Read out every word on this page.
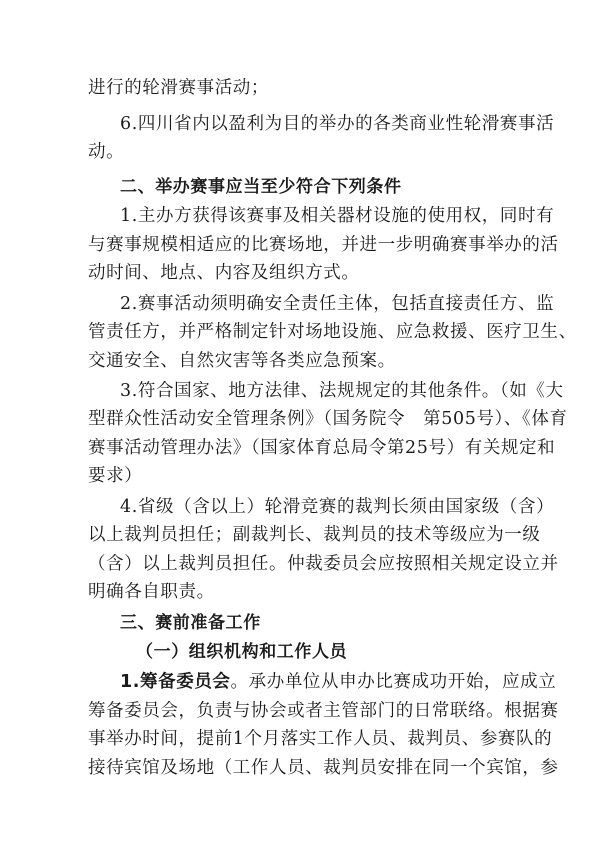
进行的轮滑赛事活动；
6.四川省内以盈利为目的举办的各类商业性轮滑赛事活
动。
二、举办赛事应当至少符合下列条件
1.主办方获得该赛事及相关器材设施的使用权，同时有
与赛事规模相适应的比赛场地，并进一步明确赛事举办的活
动时间、地点、内容及组织方式。
2.赛事活动须明确安全责任主体，包括直接责任方、监
管责任方，并严格制定针对场地设施、应急救援、医疗卫生、
交通安全、自然灾害等各类应急预案。
3.符合国家、地方法律、法规规定的其他条件。（如《大
型群众性活动安全管理条例》（国务院令　第505号）、《体育
赛事活动管理办法》（国家体育总局令第25号）有关规定和
要求）
4.省级（含以上）轮滑竞赛的裁判长须由国家级（含）
以上裁判员担任；副裁判长、裁判员的技术等级应为一级
（含）以上裁判员担任。仲裁委员会应按照相关规定设立并
明确各自职责。
三、赛前准备工作
（一）组织机构和工作人员
1.筹备委员会。承办单位从申办比赛成功开始，应成立
筹备委员会，负责与协会或者主管部门的日常联络。根据赛
事举办时间，提前1个月落实工作人员、裁判员、参赛队的
接待宾馆及场地（工作人员、裁判员安排在同一个宾馆，参
